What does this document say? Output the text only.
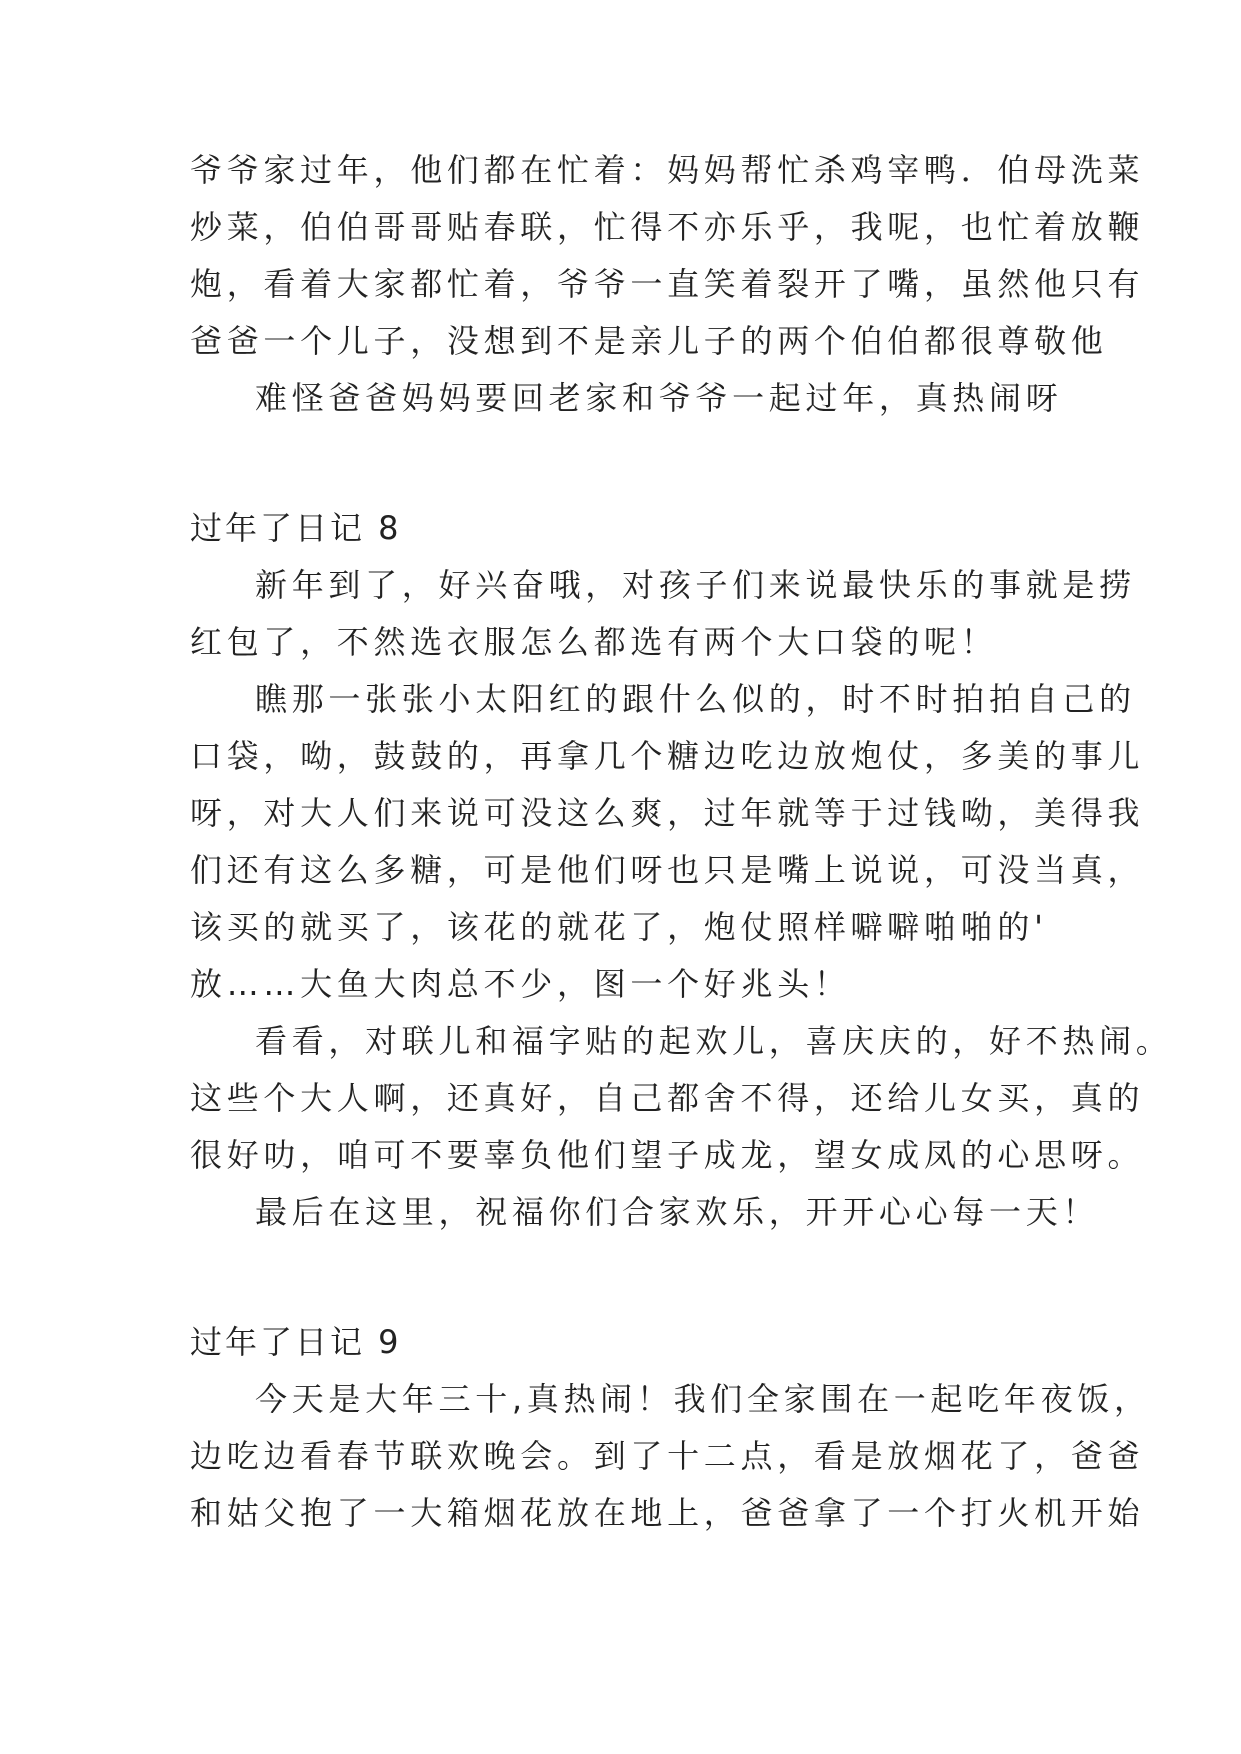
爷爷家过年，他们都在忙着：妈妈帮忙杀鸡宰鸭．伯母洗菜
炒菜，伯伯哥哥贴春联，忙得不亦乐乎，我呢，也忙着放鞭
炮，看着大家都忙着，爷爷一直笑着裂开了嘴，虽然他只有
爸爸一个儿子，没想到不是亲儿子的两个伯伯都很尊敬他
难怪爸爸妈妈要回老家和爷爷一起过年，真热闹呀
过年了日记 8
新年到了，好兴奋哦，对孩子们来说最快乐的事就是捞
红包了，不然选衣服怎么都选有两个大口袋的呢！
瞧那一张张小太阳红的跟什么似的，时不时拍拍自己的
口袋，呦，鼓鼓的，再拿几个糖边吃边放炮仗，多美的事儿
呀，对大人们来说可没这么爽，过年就等于过钱呦，美得我
们还有这么多糖，可是他们呀也只是嘴上说说，可没当真，
该买的就买了，该花的就花了，炮仗照样噼噼啪啪的'
放……大鱼大肉总不少，图一个好兆头！
看看，对联儿和福字贴的起欢儿，喜庆庆的，好不热闹。
这些个大人啊，还真好，自己都舍不得，还给儿女买，真的
很好叻，咱可不要辜负他们望子成龙，望女成凤的心思呀。
最后在这里，祝福你们合家欢乐，开开心心每一天！
过年了日记 9
今天是大年三十,真热闹！我们全家围在一起吃年夜饭，
边吃边看春节联欢晚会。到了十二点，看是放烟花了，爸爸
和姑父抱了一大箱烟花放在地上，爸爸拿了一个打火机开始
